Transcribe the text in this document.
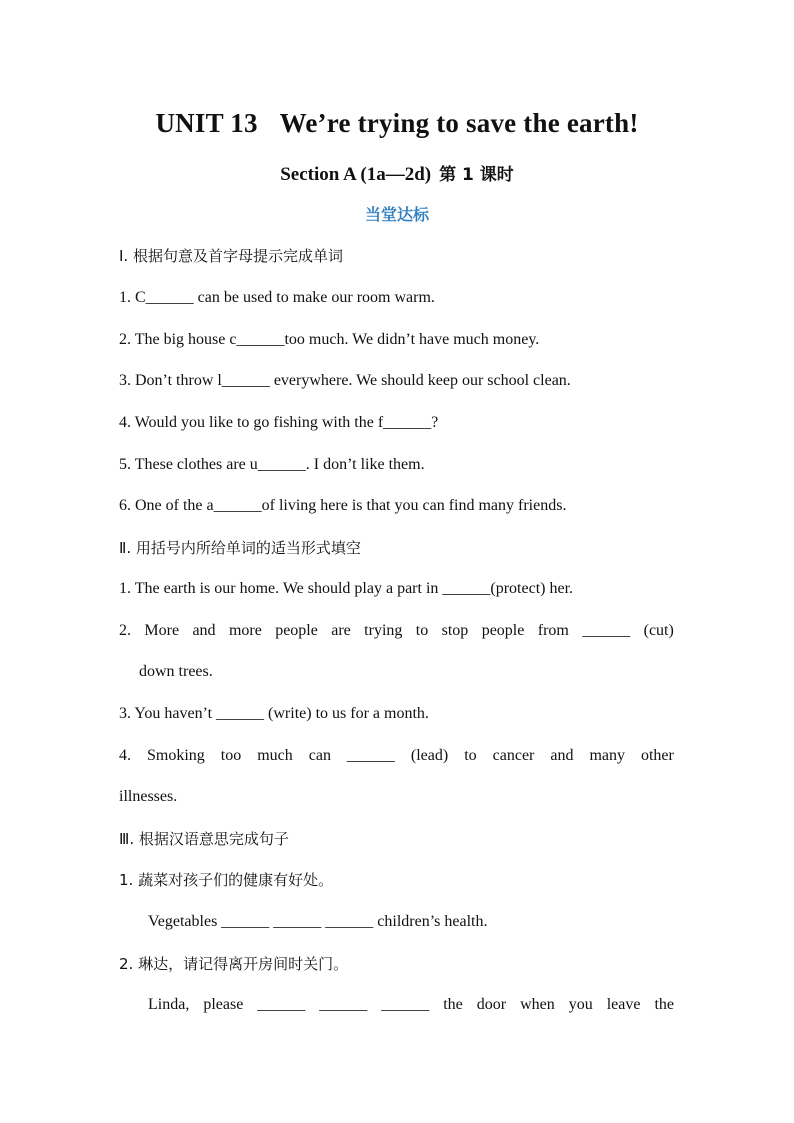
UNIT 13 We’re trying to save the earth!
Section A (1a—2d) 第 1 课时
当堂达标
I. 根据句意及首字母提示完成单词
1. C______ can be used to make our room warm.
2. The big house c______too much. We didn’t have much money.
3. Don’t throw l______ everywhere. We should keep our school clean.
4. Would you like to go fishing with the f______?
5. These clothes are u______. I don’t like them.
6. One of the a______of living here is that you can find many friends.
Ⅱ. 用括号内所给单词的适当形式填空
1. The earth is our home. We should play a part in ______(protect) her.
2. More and more people are trying to stop people from ______ (cut)
down trees.
3. You haven’t ______ (write) to us for a month.
4. Smoking too much can ______ (lead) to cancer and many other
illnesses.
Ⅲ. 根据汉语意思完成句子
1. 蔬菜对孩子们的健康有好处。
Vegetables ______ ______ ______ children’s health.
2. 琳达，请记得离开房间时关门。
Linda, please ______ ______ ______ the door when you leave the
